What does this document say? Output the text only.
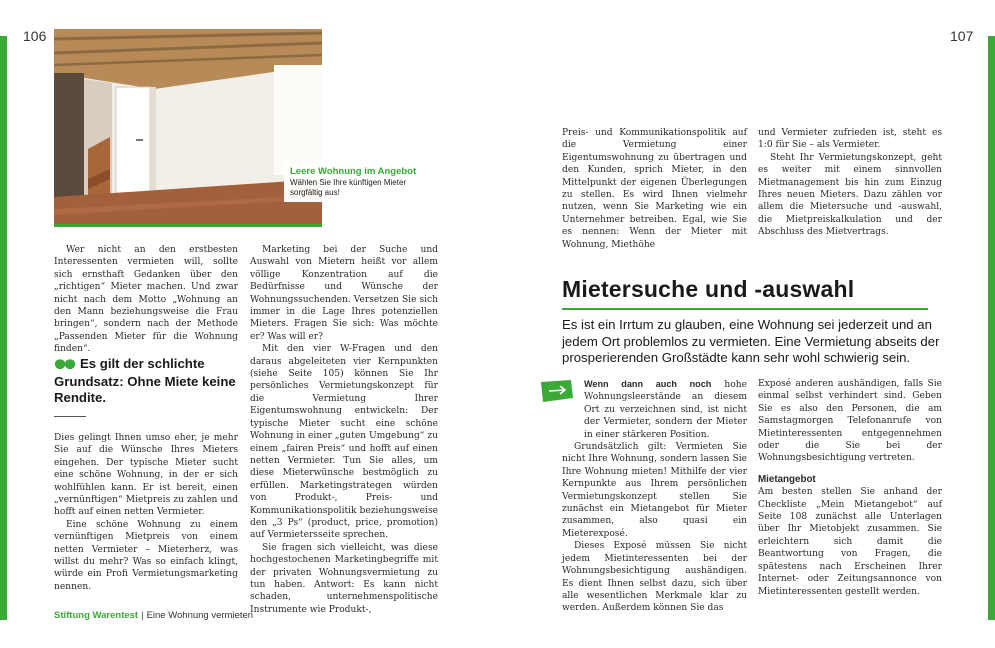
106	107
Leere Wohnung im Angebot
Wählen Sie Ihre künftigen Mieter sorgfältig aus!

Wer nicht an den erstbesten Interessenten vermieten will, sollte sich ernsthaft Gedanken über den „richtigen“ Mieter machen. Und zwar nicht nach dem Motto „Wohnung an den Mann beziehungsweise die Frau bringen“, sondern nach der Methode „Passenden Mieter für die Wohnung finden“.

Es gilt der schlichte Grundsatz: Ohne Miete keine Rendite.

Dies gelingt Ihnen umso eher, je mehr Sie auf die Wünsche Ihres Mieters eingehen. Der typische Mieter sucht eine schöne Wohnung, in der er sich wohlfühlen kann. Er ist bereit, einen „vernünftigen“ Mietpreis zu zahlen und hofft auf einen netten Vermieter.

Eine schöne Wohnung zu einem vernünftigen Mietpreis von einem netten Vermieter – Mieterherz, was willst du mehr? Was so einfach klingt, würde ein Profi Vermietungsmarketing nennen.

Marketing bei der Suche und Auswahl von Mietern heißt vor allem völlige Konzentration auf die Bedürfnisse und Wünsche der Wohnungssuchenden. Versetzen Sie sich immer in die Lage Ihres potenziellen Mieters. Fragen Sie sich: Was möchte er? Was will er?

Mit den vier W-Fragen und den daraus abgeleiteten vier Kernpunkten (siehe Seite 105) können Sie Ihr persönliches Vermietungskonzept für die Vermietung Ihrer Eigentumswohnung entwickeln: Der typische Mieter sucht eine schöne Wohnung in einer „guten Umgebung“ zu einem „fairen Preis“ und hofft auf einen netten Vermieter. Tun Sie alles, um diese Mieterwünsche bestmöglich zu erfüllen. Marketingstrategen würden von Produkt-, Preis- und Kommunikationspolitik beziehungsweise den „3 Ps“ (product, price, promotion) auf Vermietersseite sprechen.

Sie fragen sich vielleicht, was diese hochgestochenen Marketingbegriffe mit der privaten Wohnungsvermietung zu tun haben. Antwort: Es kann nicht schaden, unternehmenspolitische Instrumente wie Produkt-,

Preis- und Kommunikationspolitik auf die Vermietung einer Eigentumswohnung zu übertragen und den Kunden, sprich Mieter, in den Mittelpunkt der eigenen Überlegungen zu stellen. Es wird Ihnen vielmehr nutzen, wenn Sie Marketing wie ein Unternehmer betreiben. Egal, wie Sie es nennen: Wenn der Mieter mit Wohnung, Miethöhe

und Vermieter zufrieden ist, steht es 1:0 für Sie – als Vermieter.

Steht Ihr Vermietungskonzept, geht es weiter mit einem sinnvollen Mietmanagement bis hin zum Einzug Ihres neuen Mieters. Dazu zählen vor allem die Mietersuche und -auswahl, die Mietpreiskalkulation und der Abschluss des Mietvertrags.

Mietersuche und -auswahl
Es ist ein Irrtum zu glauben, eine Wohnung sei jederzeit und an jedem Ort problemlos zu vermieten. Eine Vermietung abseits der prosperierenden Großstädte kann sehr wohl schwierig sein.

Wenn dann auch noch hohe Wohnungsleerstände an diesem Ort zu verzeichnen sind, ist nicht der Vermieter, sondern der Mieter in einer stärkeren Position.

Grundsätzlich gilt: Vermieten Sie nicht Ihre Wohnung, sondern lassen Sie Ihre Wohnung mieten! Mithilfe der vier Kernpunkte aus Ihrem persönlichen Vermietungskonzept stellen Sie zunächst ein Mietangebot für Mieter zusammen, also quasi ein Mieterexposé.

Dieses Exposé müssen Sie nicht jedem Mietinteressenten bei der Wohnungsbesichtigung aushändigen. Es dient Ihnen selbst dazu, sich über alle wesentlichen Merkmale klar zu werden. Außerdem können Sie das

Exposé anderen aushändigen, falls Sie einmal selbst verhindert sind. Geben Sie es also den Personen, die am Samstagmorgen Telefonanrufe von Mietinteressenten entgegennehmen oder die Sie bei der Wohnungsbesichtigung vertreten.

Mietangebot

Am besten stellen Sie anhand der Checkliste „Mein Mietangebot“ auf Seite 108 zunächst alle Unterlagen über Ihr Mietobjekt zusammen. Sie erleichtern sich damit die Beantwortung von Fragen, die spätestens nach Erscheinen Ihrer Internet- oder Zeitungsannonce von Mietinteressenten gestellt werden.

Stiftung Warentest | Eine Wohnung vermieten
